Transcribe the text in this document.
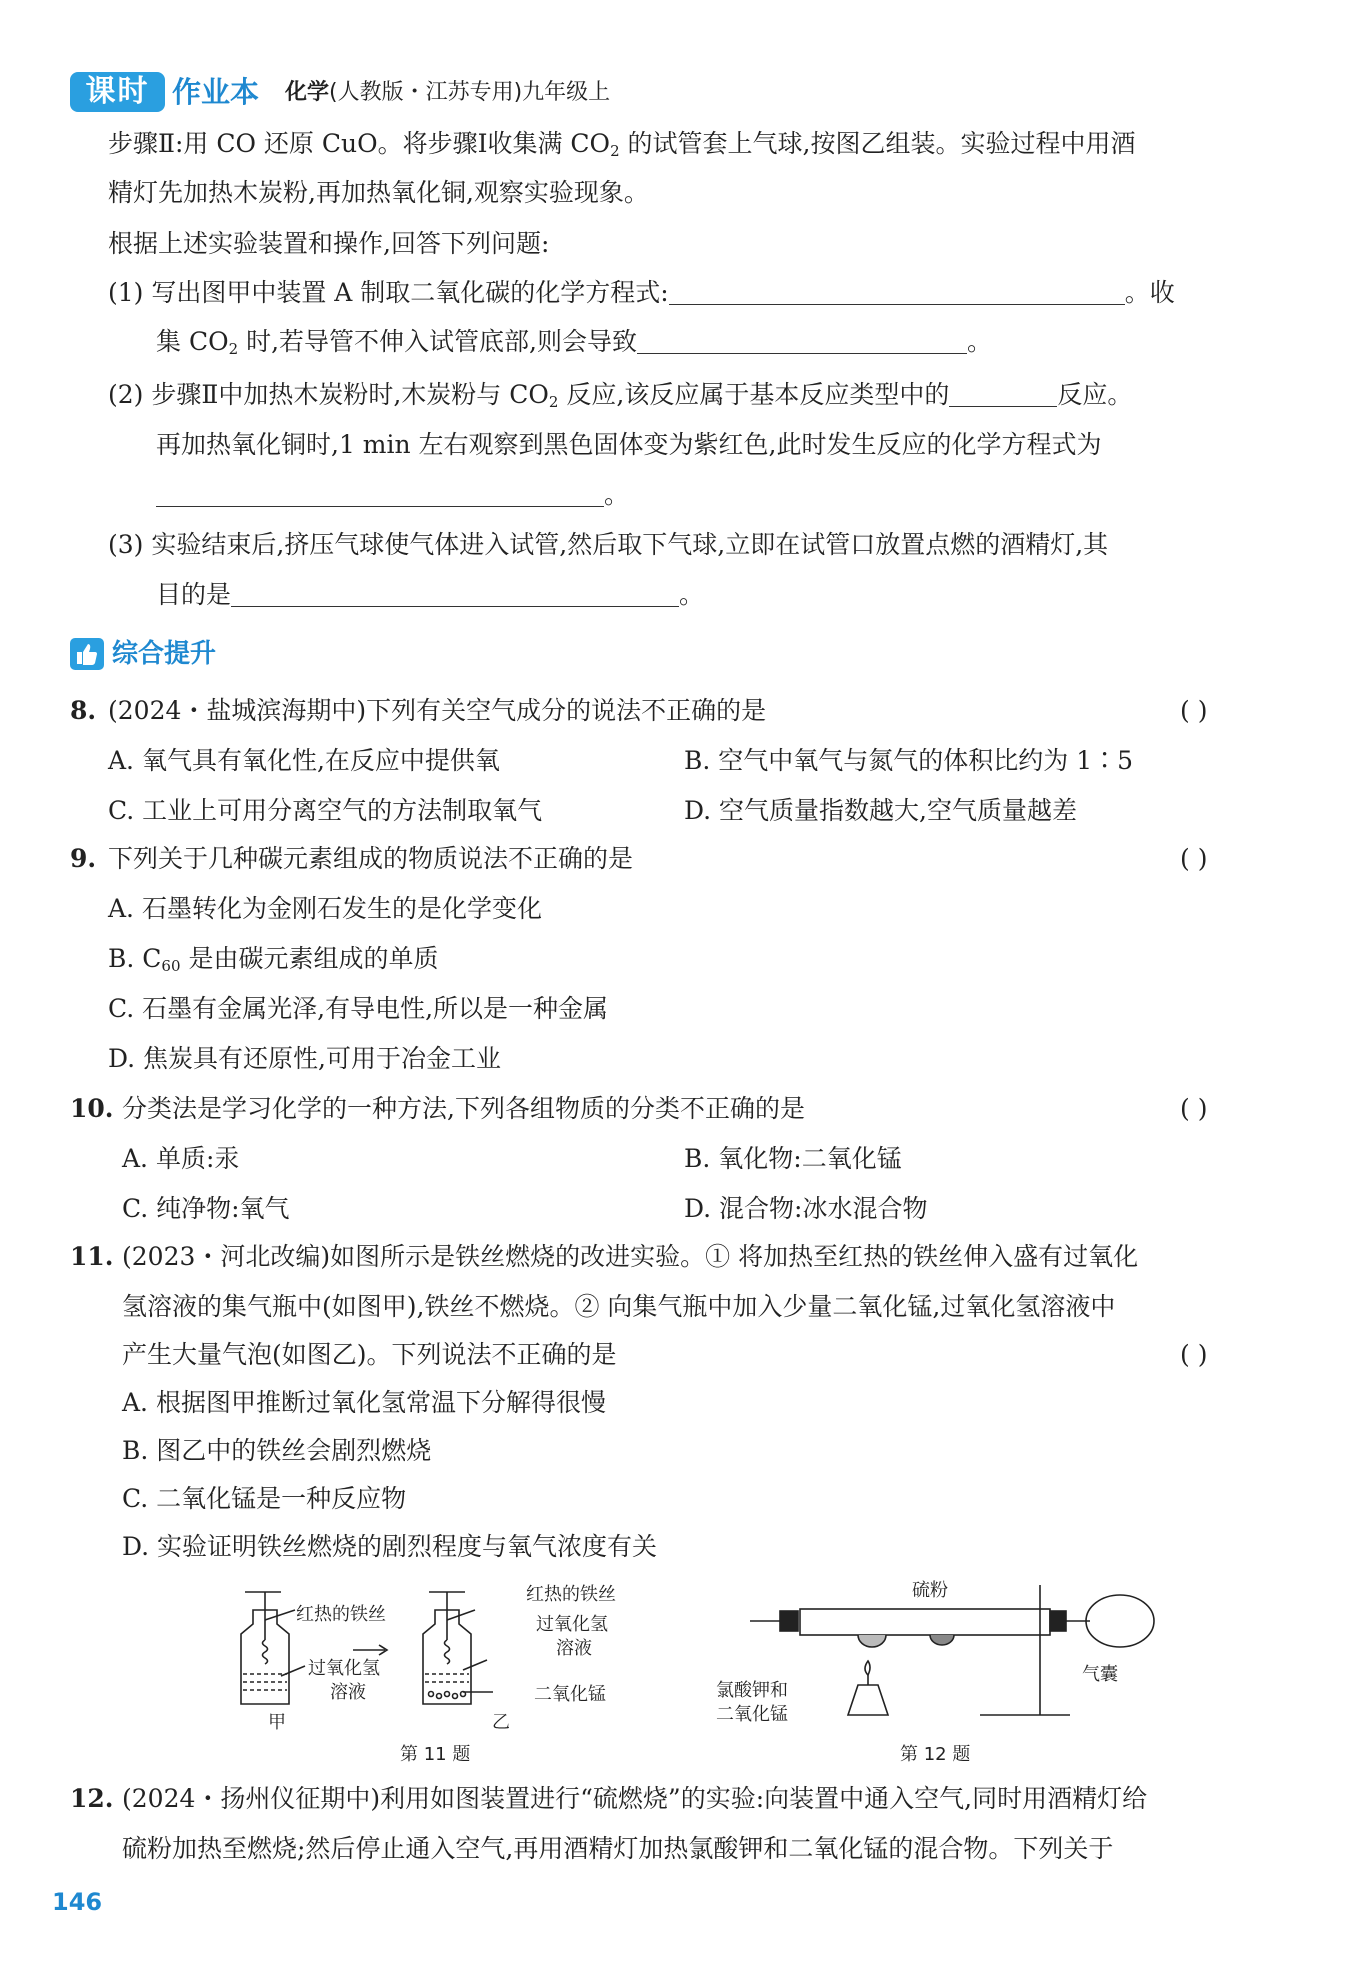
课时 作业本 化学(人教版・江苏专用)九年级上
步骤Ⅱ:用 CO 还原 CuO。将步骤Ⅰ收集满 $CO_2$ 的试管套上气球,按图乙组装。实验过程中用酒
精灯先加热木炭粉,再加热氧化铜,观察实验现象。
根据上述实验装置和操作,回答下列问题:
(1) 写出图甲中装置 A 制取二氧化碳的化学方程式:	。收
集 $CO_2$ 时,若导管不伸入试管底部,则会导致	。
(2) 步骤Ⅱ中加热木炭粉时,木炭粉与 $CO_2$ 反应,该反应属于基本反应类型中的	反应。
再加热氧化铜时,1 min 左右观察到黑色固体变为紫红色,此时发生反应的化学方程式为
。
(3) 实验结束后,挤压气球使气体进入试管,然后取下气球,立即在试管口放置点燃的酒精灯,其
目的是	。
综合提升
8. (2024・盐城滨海期中)下列有关空气成分的说法不正确的是	( )
A. 氧气具有氧化性,在反应中提供氧	B. 空气中氧气与氮气的体积比约为 1∶5
C. 工业上可用分离空气的方法制取氧气	D. 空气质量指数越大,空气质量越差
9. 下列关于几种碳元素组成的物质说法不正确的是	( )
A. 石墨转化为金刚石发生的是化学变化
B. $C_{60}$ 是由碳元素组成的单质
C. 石墨有金属光泽,有导电性,所以是一种金属
D. 焦炭具有还原性,可用于冶金工业
10. 分类法是学习化学的一种方法,下列各组物质的分类不正确的是	( )
A. 单质:汞	B. 氧化物:二氧化锰
C. 纯净物:氧气	D. 混合物:冰水混合物
11. (2023・河北改编)如图所示是铁丝燃烧的改进实验。① 将加热至红热的铁丝伸入盛有过氧化
氢溶液的集气瓶中(如图甲),铁丝不燃烧。② 向集气瓶中加入少量二氧化锰,过氧化氢溶液中
产生大量气泡(如图乙)。下列说法不正确的是	( )
A. 根据图甲推断过氧化氢常温下分解得很慢
B. 图乙中的铁丝会剧烈燃烧
C. 二氧化锰是一种反应物
D. 实验证明铁丝燃烧的剧烈程度与氧气浓度有关
红热的铁丝
过氧化氢
溶液
甲
红热的铁丝
过氧化氢
溶液
二氧化锰
乙
第 11 题
硫粉
氯酸钾和
二氧化锰
气囊
第 12 题
12. (2024・扬州仪征期中)利用如图装置进行“硫燃烧”的实验:向装置中通入空气,同时用酒精灯给
硫粉加热至燃烧;然后停止通入空气,再用酒精灯加热氯酸钾和二氧化锰的混合物。下列关于
146
